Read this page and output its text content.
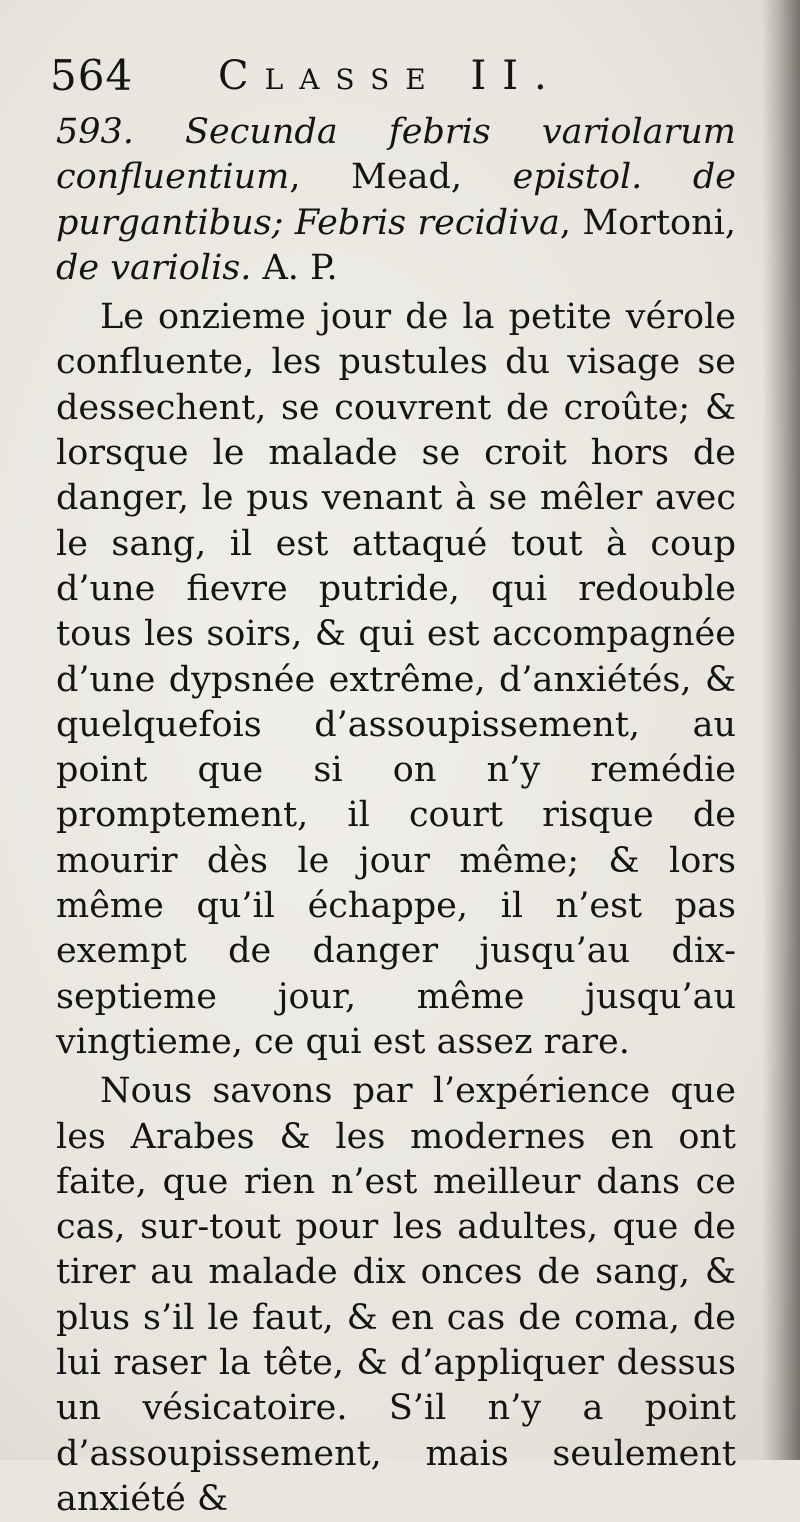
564 Classe II.

593. Secunda febris variolarum confluentium, Mead, epistol. de purgantibus; Febris recidiva, Mortoni, de variolis. A. P.

Le onzieme jour de la petite vérole confluente, les pustules du visage se dessechent, se couvrent de croûte; & lorsque le malade se croit hors de danger, le pus venant à se mêler avec le sang, il est attaqué tout à coup d’une fievre putride, qui redouble tous les soirs, & qui est accompagnée d’une dypsnée extrême, d’anxiétés, & quelquefois d’assoupissement, au point que si on n’y remédie promptement, il court risque de mourir dès le jour même; & lors même qu’il échappe, il n’est pas exempt de danger jusqu’au dix-septieme jour, même jusqu’au vingtieme, ce qui est assez rare.

Nous savons par l’expérience que les Arabes & les modernes en ont faite, que rien n’est meilleur dans ce cas, sur-tout pour les adultes, que de tirer au malade dix onces de sang, & plus s’il le faut, & en cas de coma, de lui raser la tête, & d’appliquer dessus un vésicatoire. S’il n’y a point d’assoupissement, mais seulement anxiété &
